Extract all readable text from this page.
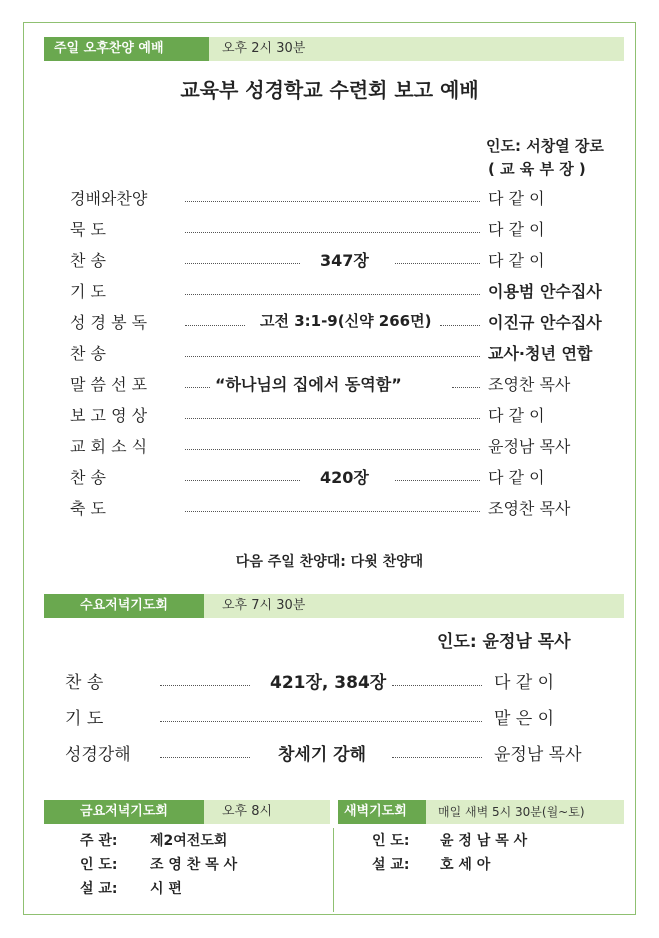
주일 오후찬양 예배	오후 2시 30분
교육부 성경학교 수련회 보고 예배
인도: 서창열 장로
( 교 육 부 장 )
경배와찬양	다 같 이
묵 도	다 같 이
찬 송	347장	다 같 이
기 도	이용범 안수집사
성 경 봉 독	고전 3:1-9(신약 266면)	이진규 안수집사
찬 송	교사·청년 연합
말 씀 선 포	“하나님의 집에서 동역함”	조영찬 목사
보 고 영 상	다 같 이
교 회 소 식	윤정남 목사
찬 송	420장	다 같 이
축 도	조영찬 목사
다음 주일 찬양대: 다윗 찬양대
수요저녁기도회	오후 7시 30분
인도: 윤정남 목사
찬 송	421장, 384장	다 같 이
기 도	맡 은 이
성경강해	창세기 강해	윤정남 목사
금요저녁기도회	오후 8시
주 관: 제2여전도회
인 도: 조 영 찬 목 사
설 교: 시 편
새벽기도회	매일 새벽 5시 30분(월~토)
인 도: 윤 정 남 목 사
설 교: 호 세 아
